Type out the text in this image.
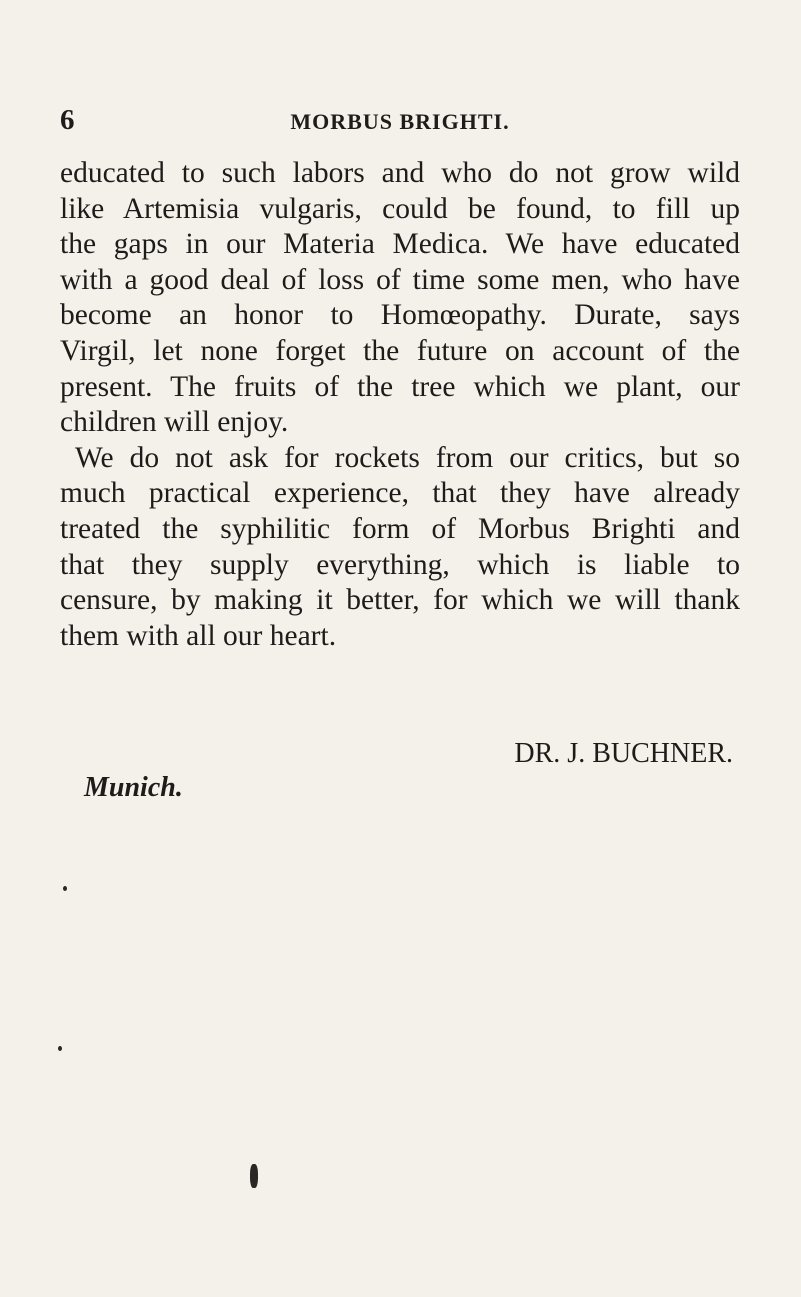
6	MORBUS BRIGHTI.
educated to such labors and who do not grow wild
like Artemisia vulgaris, could be found, to fill up
the gaps in our Materia Medica. We have educated
with a good deal of loss of time some men, who have
become an honor to Homœopathy. Durate, says
Virgil, let none forget the future on account of the
present. The fruits of the tree which we plant, our
children will enjoy.
We do not ask for rockets from our critics, but so
much practical experience, that they have already
treated the syphilitic form of Morbus Brighti and
that they supply everything, which is liable to
censure, by making it better, for which we will thank
them with all our heart.
DR. J. BUCHNER.
Munich.
